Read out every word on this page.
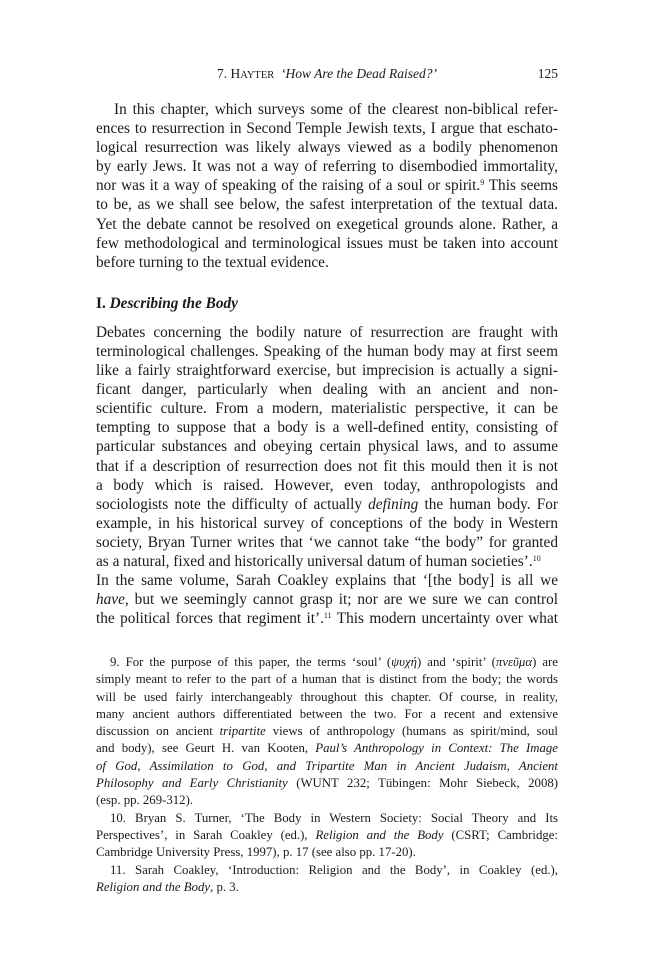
7. HAYTER ‘How Are the Dead Raised?’	125
In this chapter, which surveys some of the clearest non-biblical refer-
ences to resurrection in Second Temple Jewish texts, I argue that eschato-
logical resurrection was likely always viewed as a bodily phenomenon
by early Jews. It was not a way of referring to disembodied immortality,
nor was it a way of speaking of the raising of a soul or spirit.$^9$ This seems
to be, as we shall see below, the safest interpretation of the textual data.
Yet the debate cannot be resolved on exegetical grounds alone. Rather, a
few methodological and terminological issues must be taken into account
before turning to the textual evidence.

I. Describing the Body

Debates concerning the bodily nature of resurrection are fraught with
terminological challenges. Speaking of the human body may at first seem
like a fairly straightforward exercise, but imprecision is actually a signi-
ficant danger, particularly when dealing with an ancient and non-
scientific culture. From a modern, materialistic perspective, it can be
tempting to suppose that a body is a well-defined entity, consisting of
particular substances and obeying certain physical laws, and to assume
that if a description of resurrection does not fit this mould then it is not
a body which is raised. However, even today, anthropologists and
sociologists note the difficulty of actually defining the human body. For
example, in his historical survey of conceptions of the body in Western
society, Bryan Turner writes that ‘we cannot take “the body” for granted
as a natural, fixed and historically universal datum of human societies’.$^{10}$
In the same volume, Sarah Coakley explains that ‘[the body] is all we
have, but we seemingly cannot grasp it; nor are we sure we can control
the political forces that regiment it’.$^{11}$ This modern uncertainty over what
9. For the purpose of this paper, the terms ‘soul’ (ψυχή) and ‘spirit’ (πνεῦμα) are
simply meant to refer to the part of a human that is distinct from the body; the words
will be used fairly interchangeably throughout this chapter. Of course, in reality,
many ancient authors differentiated between the two. For a recent and extensive
discussion on ancient tripartite views of anthropology (humans as spirit/mind, soul
and body), see Geurt H. van Kooten, Paul’s Anthropology in Context: The Image
of God, Assimilation to God, and Tripartite Man in Ancient Judaism, Ancient
Philosophy and Early Christianity (WUNT 232; Tübingen: Mohr Siebeck, 2008)
(esp. pp. 269-312).
10. Bryan S. Turner, ‘The Body in Western Society: Social Theory and Its
Perspectives’, in Sarah Coakley (ed.), Religion and the Body (CSRT; Cambridge:
Cambridge University Press, 1997), p. 17 (see also pp. 17-20).
11. Sarah Coakley, ‘Introduction: Religion and the Body’, in Coakley (ed.),
Religion and the Body, p. 3.
